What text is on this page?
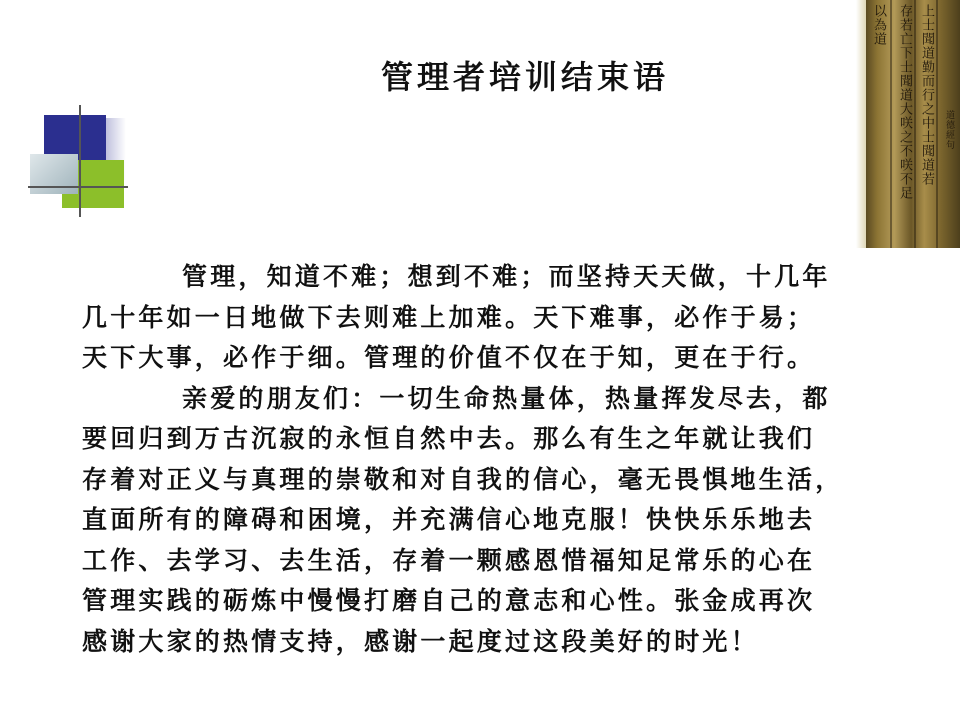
以為道 存若亡下士聞道大咲之不咲不足 上士聞道勤而行之中士聞道若	道德經句
管理者培训结束语
管理，知道不难；想到不难；而坚持天天做，十几年
几十年如一日地做下去则难上加难。天下难事，必作于易；
天下大事，必作于细。管理的价值不仅在于知，更在于行。
亲爱的朋友们：一切生命热量体，热量挥发尽去，都
要回归到万古沉寂的永恒自然中去。那么有生之年就让我们
存着对正义与真理的崇敬和对自我的信心，毫无畏惧地生活，
直面所有的障碍和困境，并充满信心地克服！快快乐乐地去
工作、去学习、去生活，存着一颗感恩惜福知足常乐的心在
管理实践的砺炼中慢慢打磨自己的意志和心性。张金成再次
感谢大家的热情支持，感谢一起度过这段美好的时光！
